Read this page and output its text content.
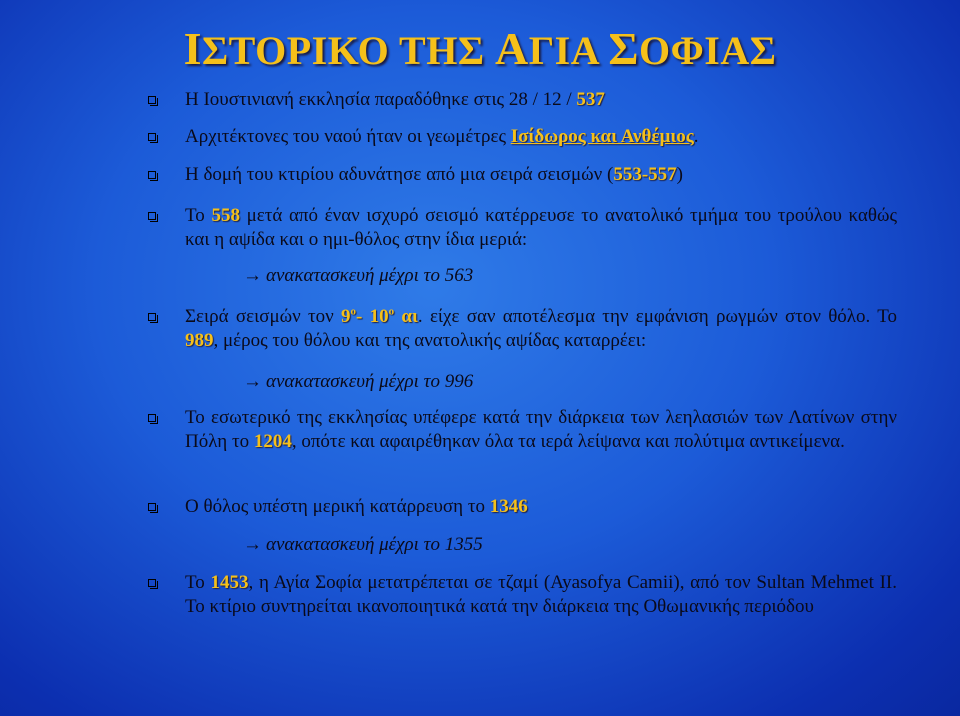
ΙΣΤΟΡΙΚΟ ΤΗΣ ΑΓΙΑ ΣΟΦΙΑΣ
Η Ιουστινιανή εκκλησία παραδόθηκε στις 28 / 12 / 537
Αρχιτέκτονες του ναού ήταν οι γεωμέτρες Ισίδωρος και Ανθέμιος.
Η δομή του κτιρίου αδυνάτησε από μια σειρά σεισμών (553-557)
Το 558 μετά από έναν ισχυρό σεισμό κατέρρευσε το ανατολικό τμήμα του τρούλου καθώς και η αψίδα και ο ημι-θόλος στην ίδια μεριά:
→ ανακατασκευή μέχρι το 563
Σειρά σεισμών τον $9^o-$ $10^o$ αι. είχε σαν αποτέλεσμα την εμφάνιση ρωγμών στον θόλο. Το 989, μέρος του θόλου και της ανατολικής αψίδας καταρρέει:
→ ανακατασκευή μέχρι το 996
Το εσωτερικό της εκκλησίας υπέφερε κατά την διάρκεια των λεηλασιών των Λατίνων στην Πόλη το 1204, οπότε και αφαιρέθηκαν όλα τα ιερά λείψανα και πολύτιμα αντικείμενα.
Ο θόλος υπέστη μερική κατάρρευση το 1346
→ ανακατασκευή μέχρι το 1355
Το 1453, η Αγία Σοφία μετατρέπεται σε τζαμί (Ayasofya Camii), από τον Sultan Mehmet II. Το κτίριο συντηρείται ικανοποιητικά κατά την διάρκεια της Οθωμανικής περιόδου
